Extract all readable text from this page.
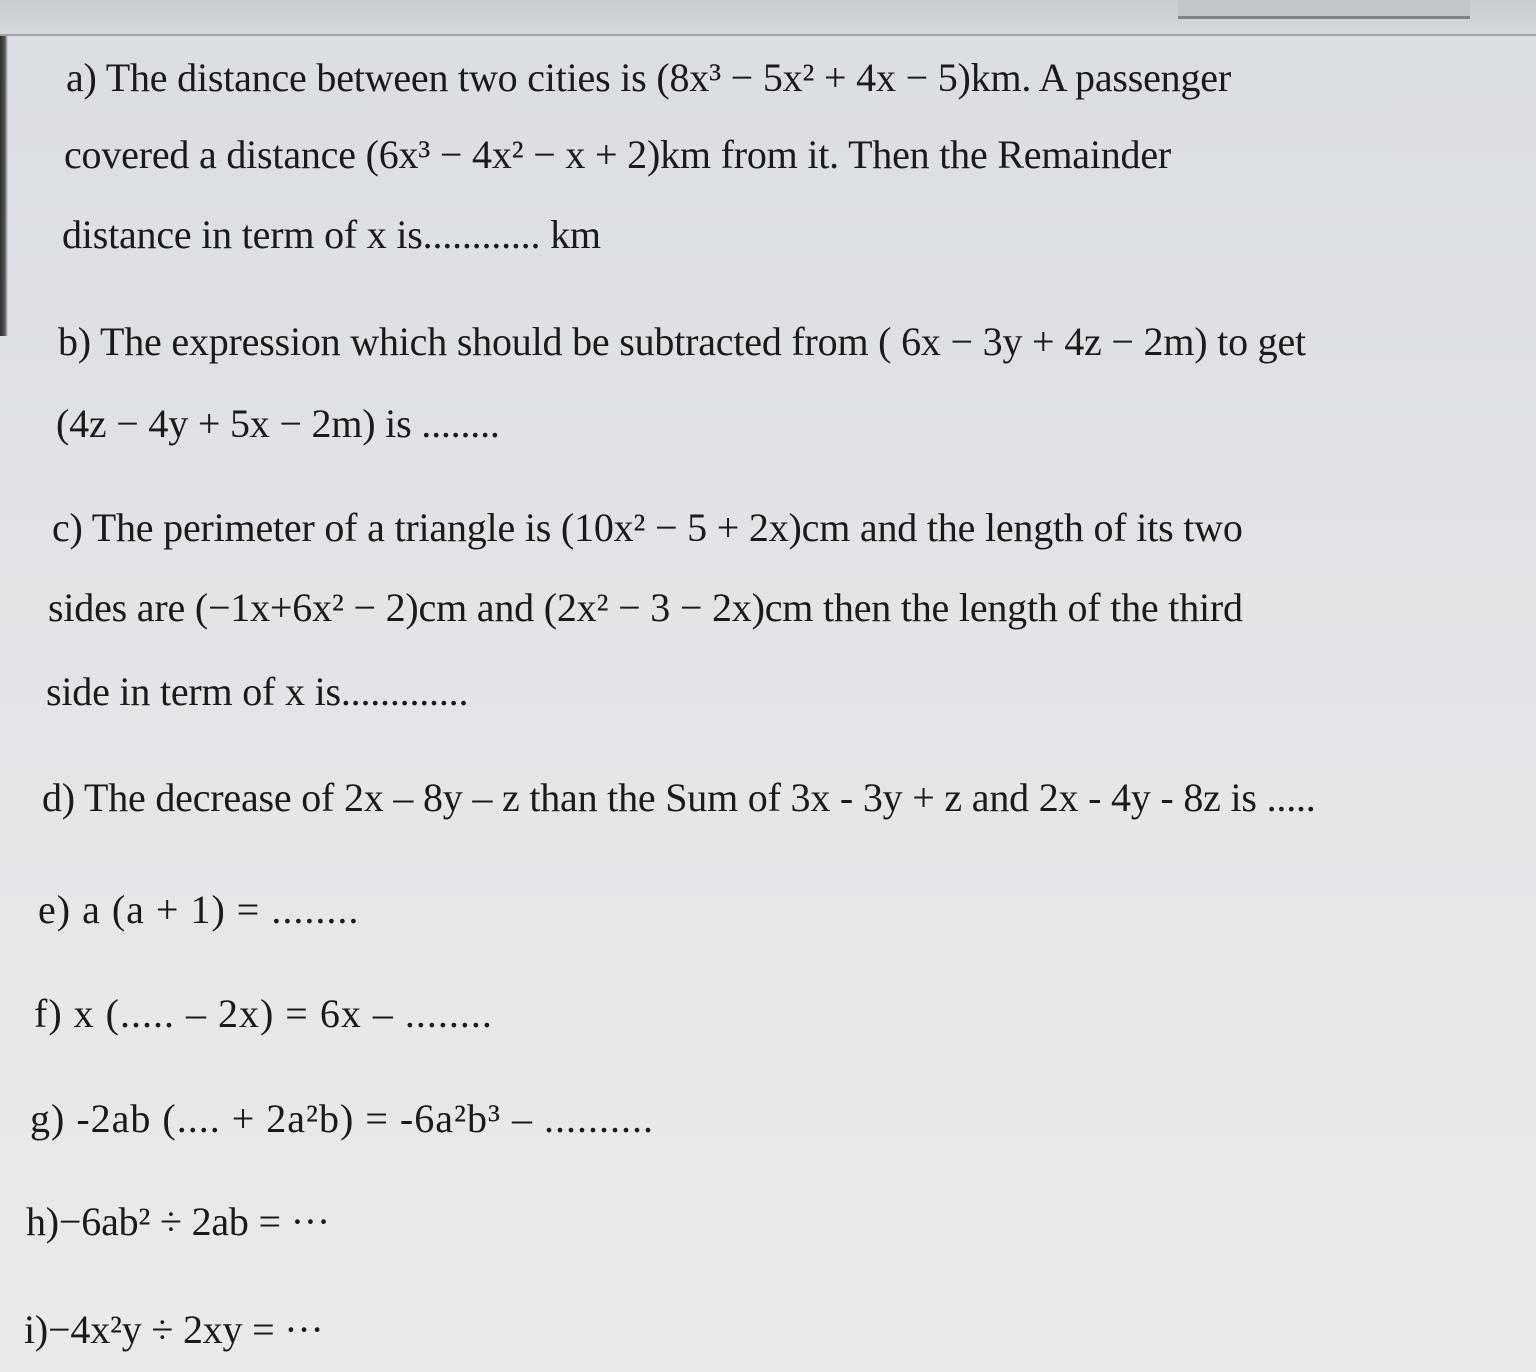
a) The distance between two cities is (8x³ − 5x² + 4x − 5)km. A passenger
covered a distance (6x³ − 4x² − x + 2)km from it. Then the Remainder
distance in term of x is............ km
b) The expression which should be subtracted from ( 6x − 3y + 4z − 2m) to get
(4z − 4y + 5x − 2m) is ........
c) The perimeter of a triangle is (10x² − 5 + 2x)cm and the length of its two
sides are (−1x+6x² − 2)cm and (2x² − 3 − 2x)cm then the length of the third
side in term of x is.............
d) The decrease of 2x – 8y – z than the Sum of 3x - 3y + z and 2x - 4y - 8z is .....
e) a (a + 1) = ........
f) x (..... – 2x) = 6x – ........
g) -2ab (.... + 2a²b) = -6a²b³ – ..........
h)−6ab² ÷ 2ab = ···
i)−4x²y ÷ 2xy = ···
